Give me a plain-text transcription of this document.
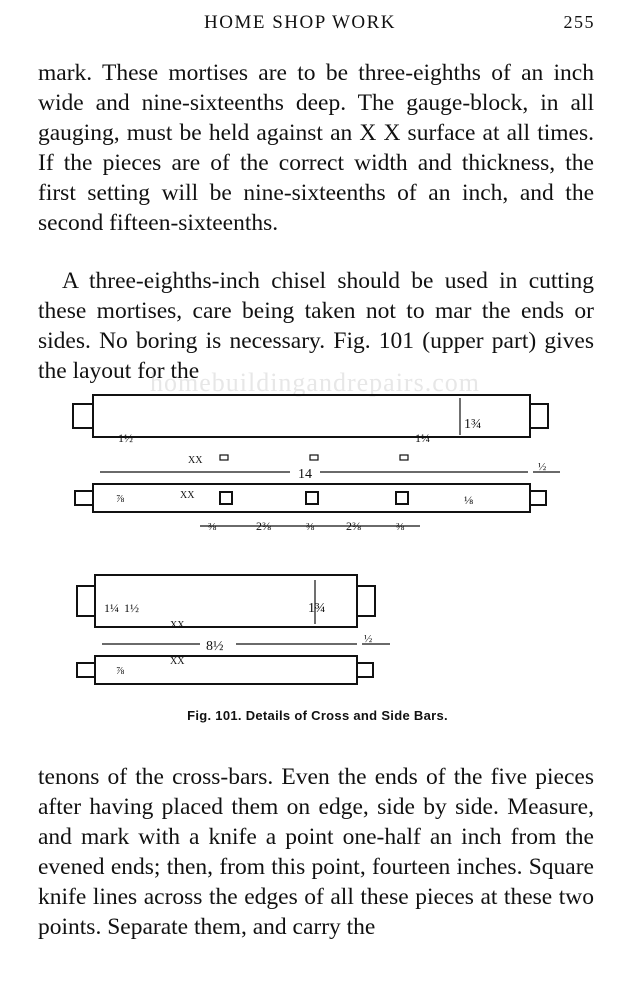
HOME SHOP WORK	255

mark. These mortises are to be three-eighths of an inch wide and nine-sixteenths deep. The gauge-block, in all gauging, must be held against an X X surface at all times. If the pieces are of the correct width and thickness, the first setting will be nine-sixteenths of an inch, and the second fifteen-sixteenths.

A three-eighths-inch chisel should be used in cutting these mortises, care being taken not to mar the ends or sides. No boring is necessary. Fig. 101 (upper part) gives the layout for the

homebuildingandrepairs.com
1¾
1¼
1½
XX
14	½
⅞	XX	⅛
⅜	2⅜	⅜	2⅜	⅜
1¾
1¼ 1½
XX
8½	½
⅞
XX
Fig. 101. Details of Cross and Side Bars.

tenons of the cross-bars. Even the ends of the five pieces after having placed them on edge, side by side. Measure, and mark with a knife a point one-half an inch from the evened ends; then, from this point, fourteen inches. Square knife lines across the edges of all these pieces at these two points. Separate them, and carry the
